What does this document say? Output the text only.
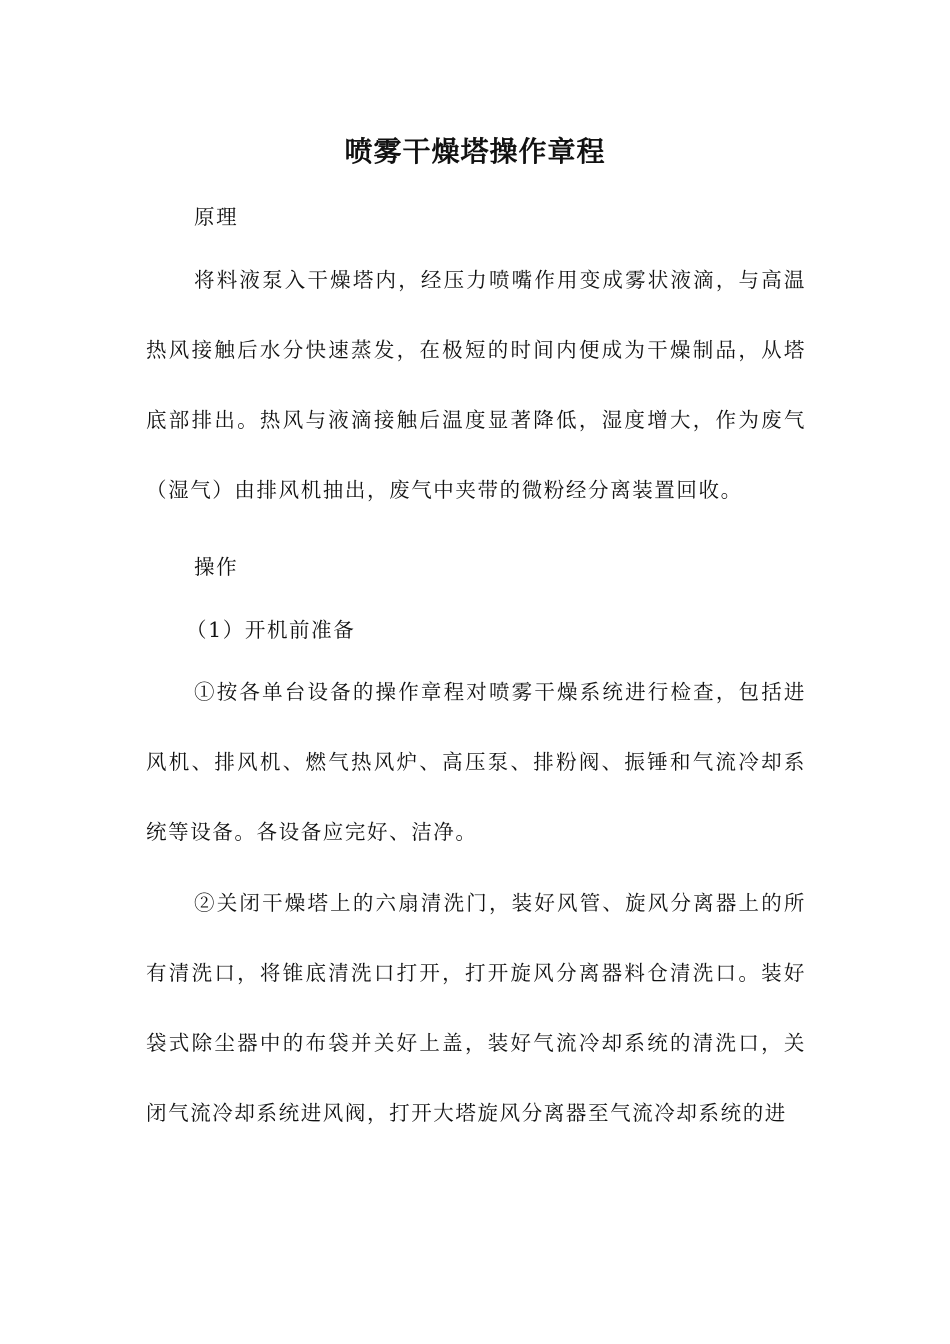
喷雾干燥塔操作章程
原理
将料液泵入干燥塔内，经压力喷嘴作用变成雾状液滴，与高温热风接触后水分快速蒸发，在极短的时间内便成为干燥制品，从塔底部排出。热风与液滴接触后温度显著降低，湿度增大，作为废气（湿气）由排风机抽出，废气中夹带的微粉经分离装置回收。
操作
（1）开机前准备
①按各单台设备的操作章程对喷雾干燥系统进行检查，包括进风机、排风机、燃气热风炉、高压泵、排粉阀、振锤和气流冷却系统等设备。各设备应完好、洁净。
②关闭干燥塔上的六扇清洗门，装好风管、旋风分离器上的所有清洗口，将锥底清洗口打开，打开旋风分离器料仓清洗口。装好袋式除尘器中的布袋并关好上盖，装好气流冷却系统的清洗口，关闭气流冷却系统进风阀，打开大塔旋风分离器至气流冷却系统的进
